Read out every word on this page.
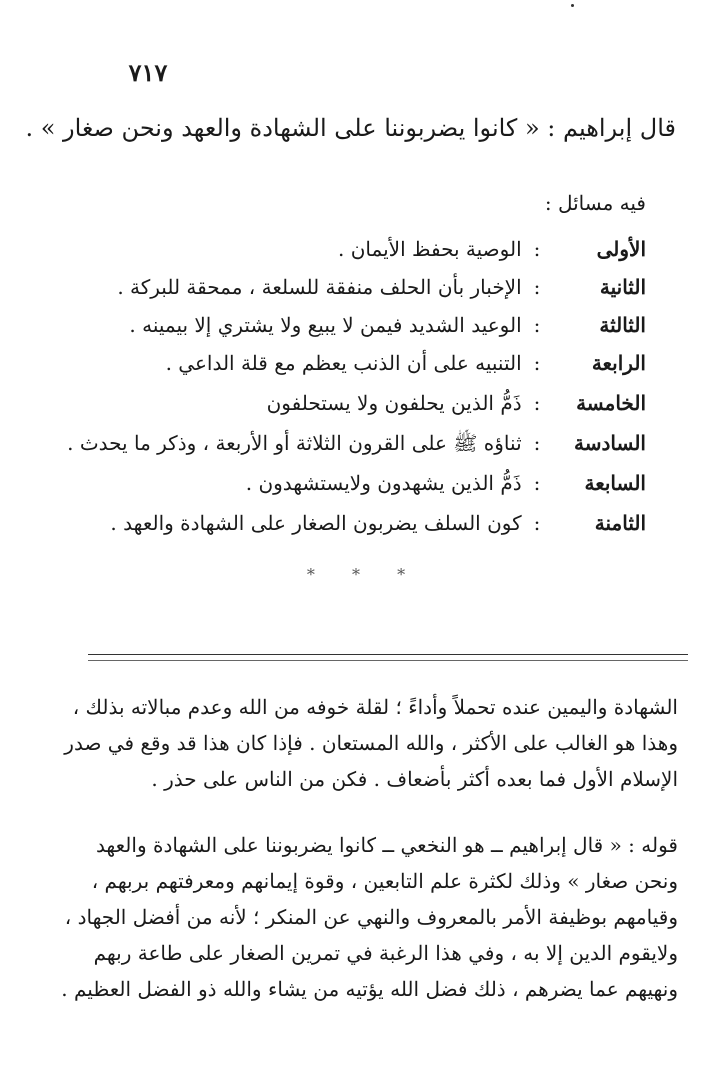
٧١٧
قال إبراهيم : « كانوا يضربوننا على الشهادة والعهد ونحن صغار » .
فيه مسائل :
الأولى: الوصية بحفظ الأيمان .
الثانية: الإخبار بأن الحلف منفقة للسلعة ، ممحقة للبركة .
الثالثة: الوعيد الشديد فيمن لا يبيع ولا يشتري إلا بيمينه .
الرابعة: التنبيه على أن الذنب يعظم مع قلة الداعي .
الخامسة: ذَمُّ الذين يحلفون ولا يستحلفون
السادسة: ثناؤه ﷺ على القرون الثلاثة أو الأربعة ، وذكر ما يحدث .
السابعة: ذَمُّ الذين يشهدون ولايستشهدون .
الثامنة: كون السلف يضربون الصغار على الشهادة والعهد .
* * *
الشهادة واليمين عنده تحملاً وأداءً ؛ لقلة خوفه من الله وعدم مبالاته بذلك ،
وهذا هو الغالب على الأكثر ، والله المستعان . فإذا كان هذا قد وقع في صدر
الإسلام الأول فما بعده أكثر بأضعاف . فكن من الناس على حذر .
قوله : « قال إبراهيم ــ هو النخعي ــ كانوا يضربوننا على الشهادة والعهد
ونحن صغار » وذلك لكثرة علم التابعين ، وقوة إيمانهم ومعرفتهم بربهم ،
وقيامهم بوظيفة الأمر بالمعروف والنهي عن المنكر ؛ لأنه من أفضل الجهاد ،
ولايقوم الدين إلا به ، وفي هذا الرغبة في تمرين الصغار على طاعة ربهم
ونهيهم عما يضرهم ، ذلك فضل الله يؤتيه من يشاء والله ذو الفضل العظيم .
